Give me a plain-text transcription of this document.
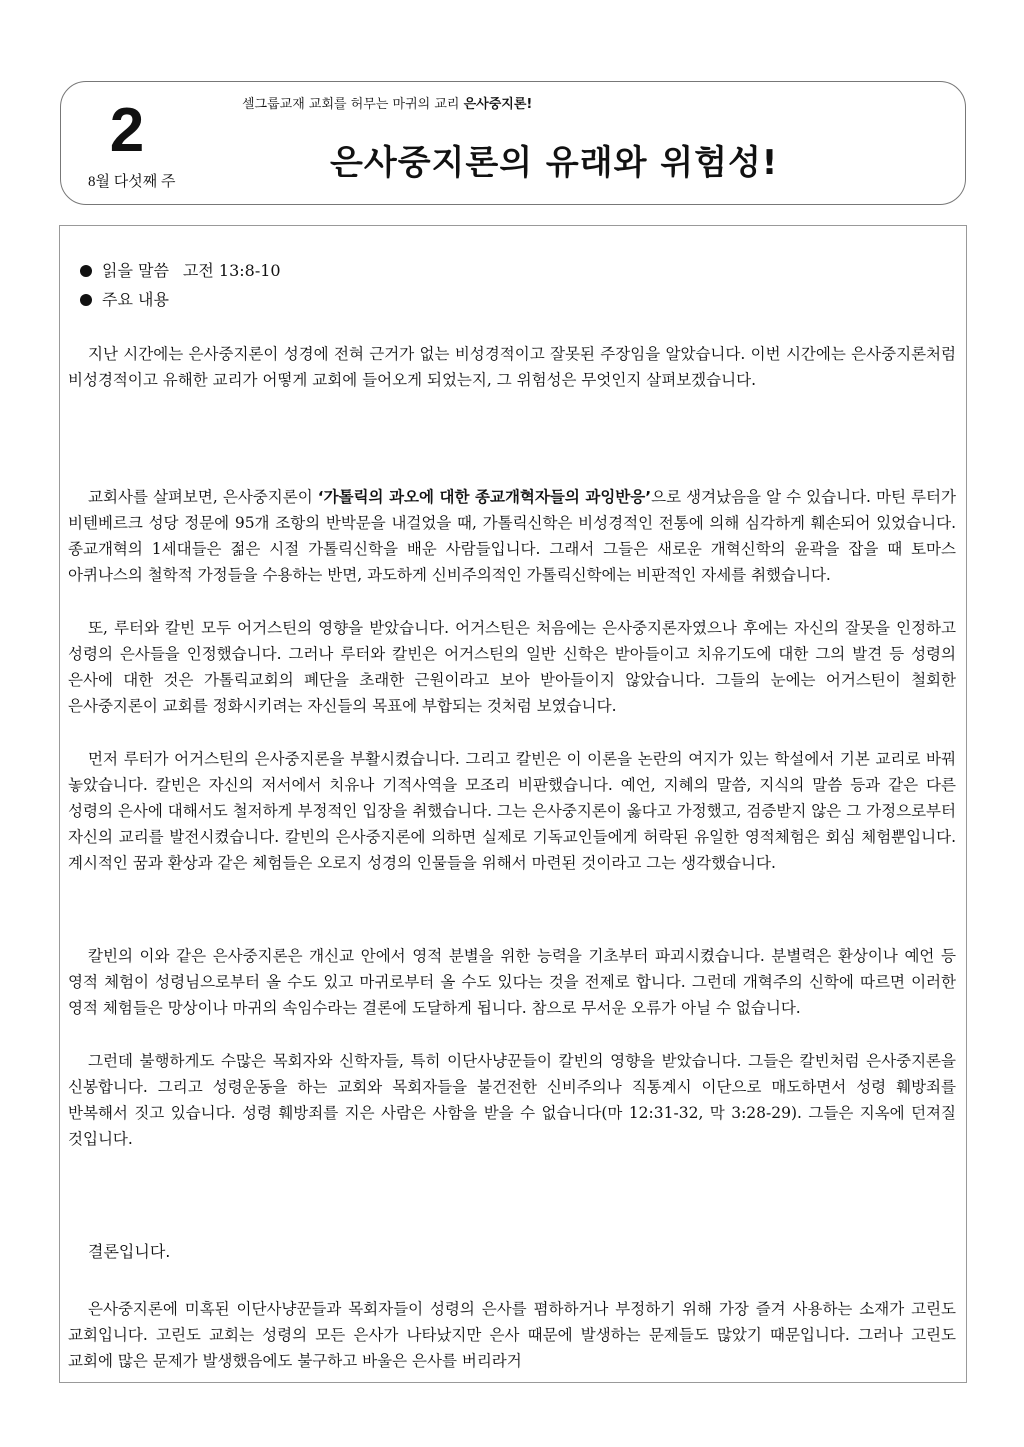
2
8월 다섯째 주
셀그룹교재 교회를 허무는 마귀의 교리 은사중지론!
은사중지론의 유래와 위험성!
읽을 말씀 고전 13:8-10
주요 내용

지난 시간에는 은사중지론이 성경에 전혀 근거가 없는 비성경적이고 잘못된 주장임을 알았습니다. 이번 시간에는 은사중지론처럼 비성경적이고 유해한 교리가 어떻게 교회에 들어오게 되었는지, 그 위험성은 무엇인지 살펴보겠습니다.

교회사를 살펴보면, 은사중지론이 ‘가톨릭의 과오에 대한 종교개혁자들의 과잉반응’으로 생겨났음을 알 수 있습니다. 마틴 루터가 비텐베르크 성당 정문에 95개 조항의 반박문을 내걸었을 때, 가톨릭신학은 비성경적인 전통에 의해 심각하게 훼손되어 있었습니다. 종교개혁의 1세대들은 젊은 시절 가톨릭신학을 배운 사람들입니다. 그래서 그들은 새로운 개혁신학의 윤곽을 잡을 때 토마스 아퀴나스의 철학적 가정들을 수용하는 반면, 과도하게 신비주의적인 가톨릭신학에는 비판적인 자세를 취했습니다.

또, 루터와 칼빈 모두 어거스틴의 영향을 받았습니다. 어거스틴은 처음에는 은사중지론자였으나 후에는 자신의 잘못을 인정하고 성령의 은사들을 인정했습니다. 그러나 루터와 칼빈은 어거스틴의 일반 신학은 받아들이고 치유기도에 대한 그의 발견 등 성령의 은사에 대한 것은 가톨릭교회의 폐단을 초래한 근원이라고 보아 받아들이지 않았습니다. 그들의 눈에는 어거스틴이 철회한 은사중지론이 교회를 정화시키려는 자신들의 목표에 부합되는 것처럼 보였습니다.

먼저 루터가 어거스틴의 은사중지론을 부활시켰습니다. 그리고 칼빈은 이 이론을 논란의 여지가 있는 학설에서 기본 교리로 바꿔 놓았습니다. 칼빈은 자신의 저서에서 치유나 기적사역을 모조리 비판했습니다. 예언, 지혜의 말씀, 지식의 말씀 등과 같은 다른 성령의 은사에 대해서도 철저하게 부정적인 입장을 취했습니다. 그는 은사중지론이 옳다고 가정했고, 검증받지 않은 그 가정으로부터 자신의 교리를 발전시켰습니다. 칼빈의 은사중지론에 의하면 실제로 기독교인들에게 허락된 유일한 영적체험은 회심 체험뿐입니다. 계시적인 꿈과 환상과 같은 체험들은 오로지 성경의 인물들을 위해서 마련된 것이라고 그는 생각했습니다.

칼빈의 이와 같은 은사중지론은 개신교 안에서 영적 분별을 위한 능력을 기초부터 파괴시켰습니다. 분별력은 환상이나 예언 등 영적 체험이 성령님으로부터 올 수도 있고 마귀로부터 올 수도 있다는 것을 전제로 합니다. 그런데 개혁주의 신학에 따르면 이러한 영적 체험들은 망상이나 마귀의 속임수라는 결론에 도달하게 됩니다. 참으로 무서운 오류가 아닐 수 없습니다.

그런데 불행하게도 수많은 목회자와 신학자들, 특히 이단사냥꾼들이 칼빈의 영향을 받았습니다. 그들은 칼빈처럼 은사중지론을 신봉합니다. 그리고 성령운동을 하는 교회와 목회자들을 불건전한 신비주의나 직통계시 이단으로 매도하면서 성령 훼방죄를 반복해서 짓고 있습니다. 성령 훼방죄를 지은 사람은 사함을 받을 수 없습니다(마 12:31-32, 막 3:28-29). 그들은 지옥에 던져질 것입니다.

결론입니다.

은사중지론에 미혹된 이단사냥꾼들과 목회자들이 성령의 은사를 폄하하거나 부정하기 위해 가장 즐겨 사용하는 소재가 고린도 교회입니다. 고린도 교회는 성령의 모든 은사가 나타났지만 은사 때문에 발생하는 문제들도 많았기 때문입니다. 그러나 고린도 교회에 많은 문제가 발생했음에도 불구하고 바울은 은사를 버리라거
